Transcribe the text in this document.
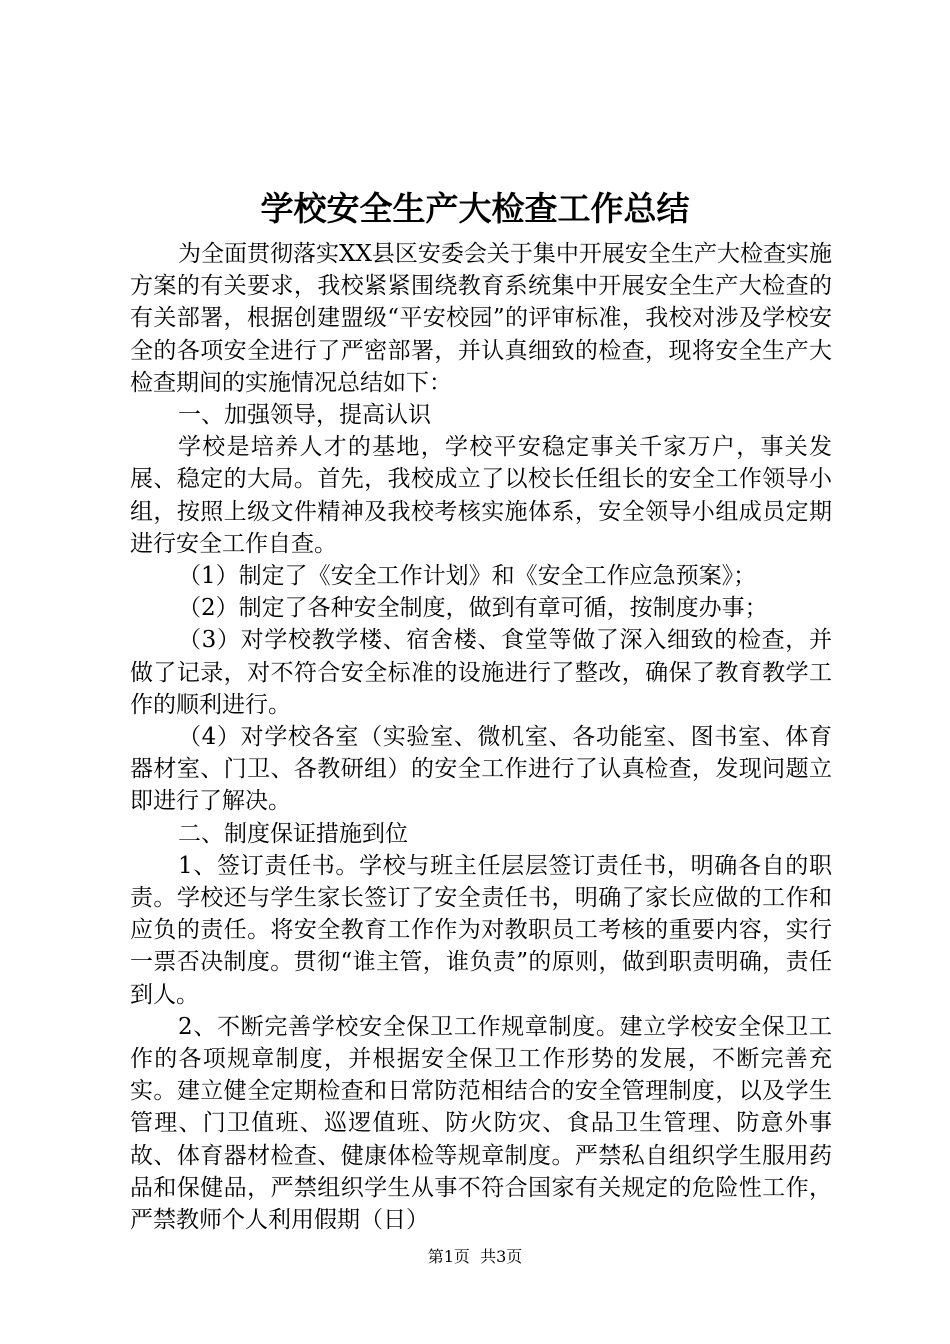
学校安全生产大检查工作总结

为全面贯彻落实XX县区安委会关于集中开展安全生产大检查实施方案的有关要求，我校紧紧围绕教育系统集中开展安全生产大检查的有关部署，根据创建盟级“平安校园”的评审标准，我校对涉及学校安全的各项安全进行了严密部署，并认真细致的检查，现将安全生产大检查期间的实施情况总结如下：

一、加强领导，提高认识

学校是培养人才的基地，学校平安稳定事关千家万户，事关发展、稳定的大局。首先，我校成立了以校长任组长的安全工作领导小组，按照上级文件精神及我校考核实施体系，安全领导小组成员定期进行安全工作自查。

（1）制定了《安全工作计划》和《安全工作应急预案》；

（2）制定了各种安全制度，做到有章可循，按制度办事；

（3）对学校教学楼、宿舍楼、食堂等做了深入细致的检查，并做了记录，对不符合安全标准的设施进行了整改，确保了教育教学工作的顺利进行。

（4）对学校各室（实验室、微机室、各功能室、图书室、体育器材室、门卫、各教研组）的安全工作进行了认真检查，发现问题立即进行了解决。

二、制度保证措施到位

1、签订责任书。学校与班主任层层签订责任书，明确各自的职责。学校还与学生家长签订了安全责任书，明确了家长应做的工作和应负的责任。将安全教育工作作为对教职员工考核的重要内容，实行一票否决制度。贯彻“谁主管，谁负责”的原则，做到职责明确，责任到人。

2、不断完善学校安全保卫工作规章制度。建立学校安全保卫工作的各项规章制度，并根据安全保卫工作形势的发展，不断完善充实。建立健全定期检查和日常防范相结合的安全管理制度，以及学生管理、门卫值班、巡逻值班、防火防灾、食品卫生管理、防意外事故、体育器材检查、健康体检等规章制度。严禁私自组织学生服用药品和保健品，严禁组织学生从事不符合国家有关规定的危险性工作，严禁教师个人利用假期（日）

第1页  共3页
